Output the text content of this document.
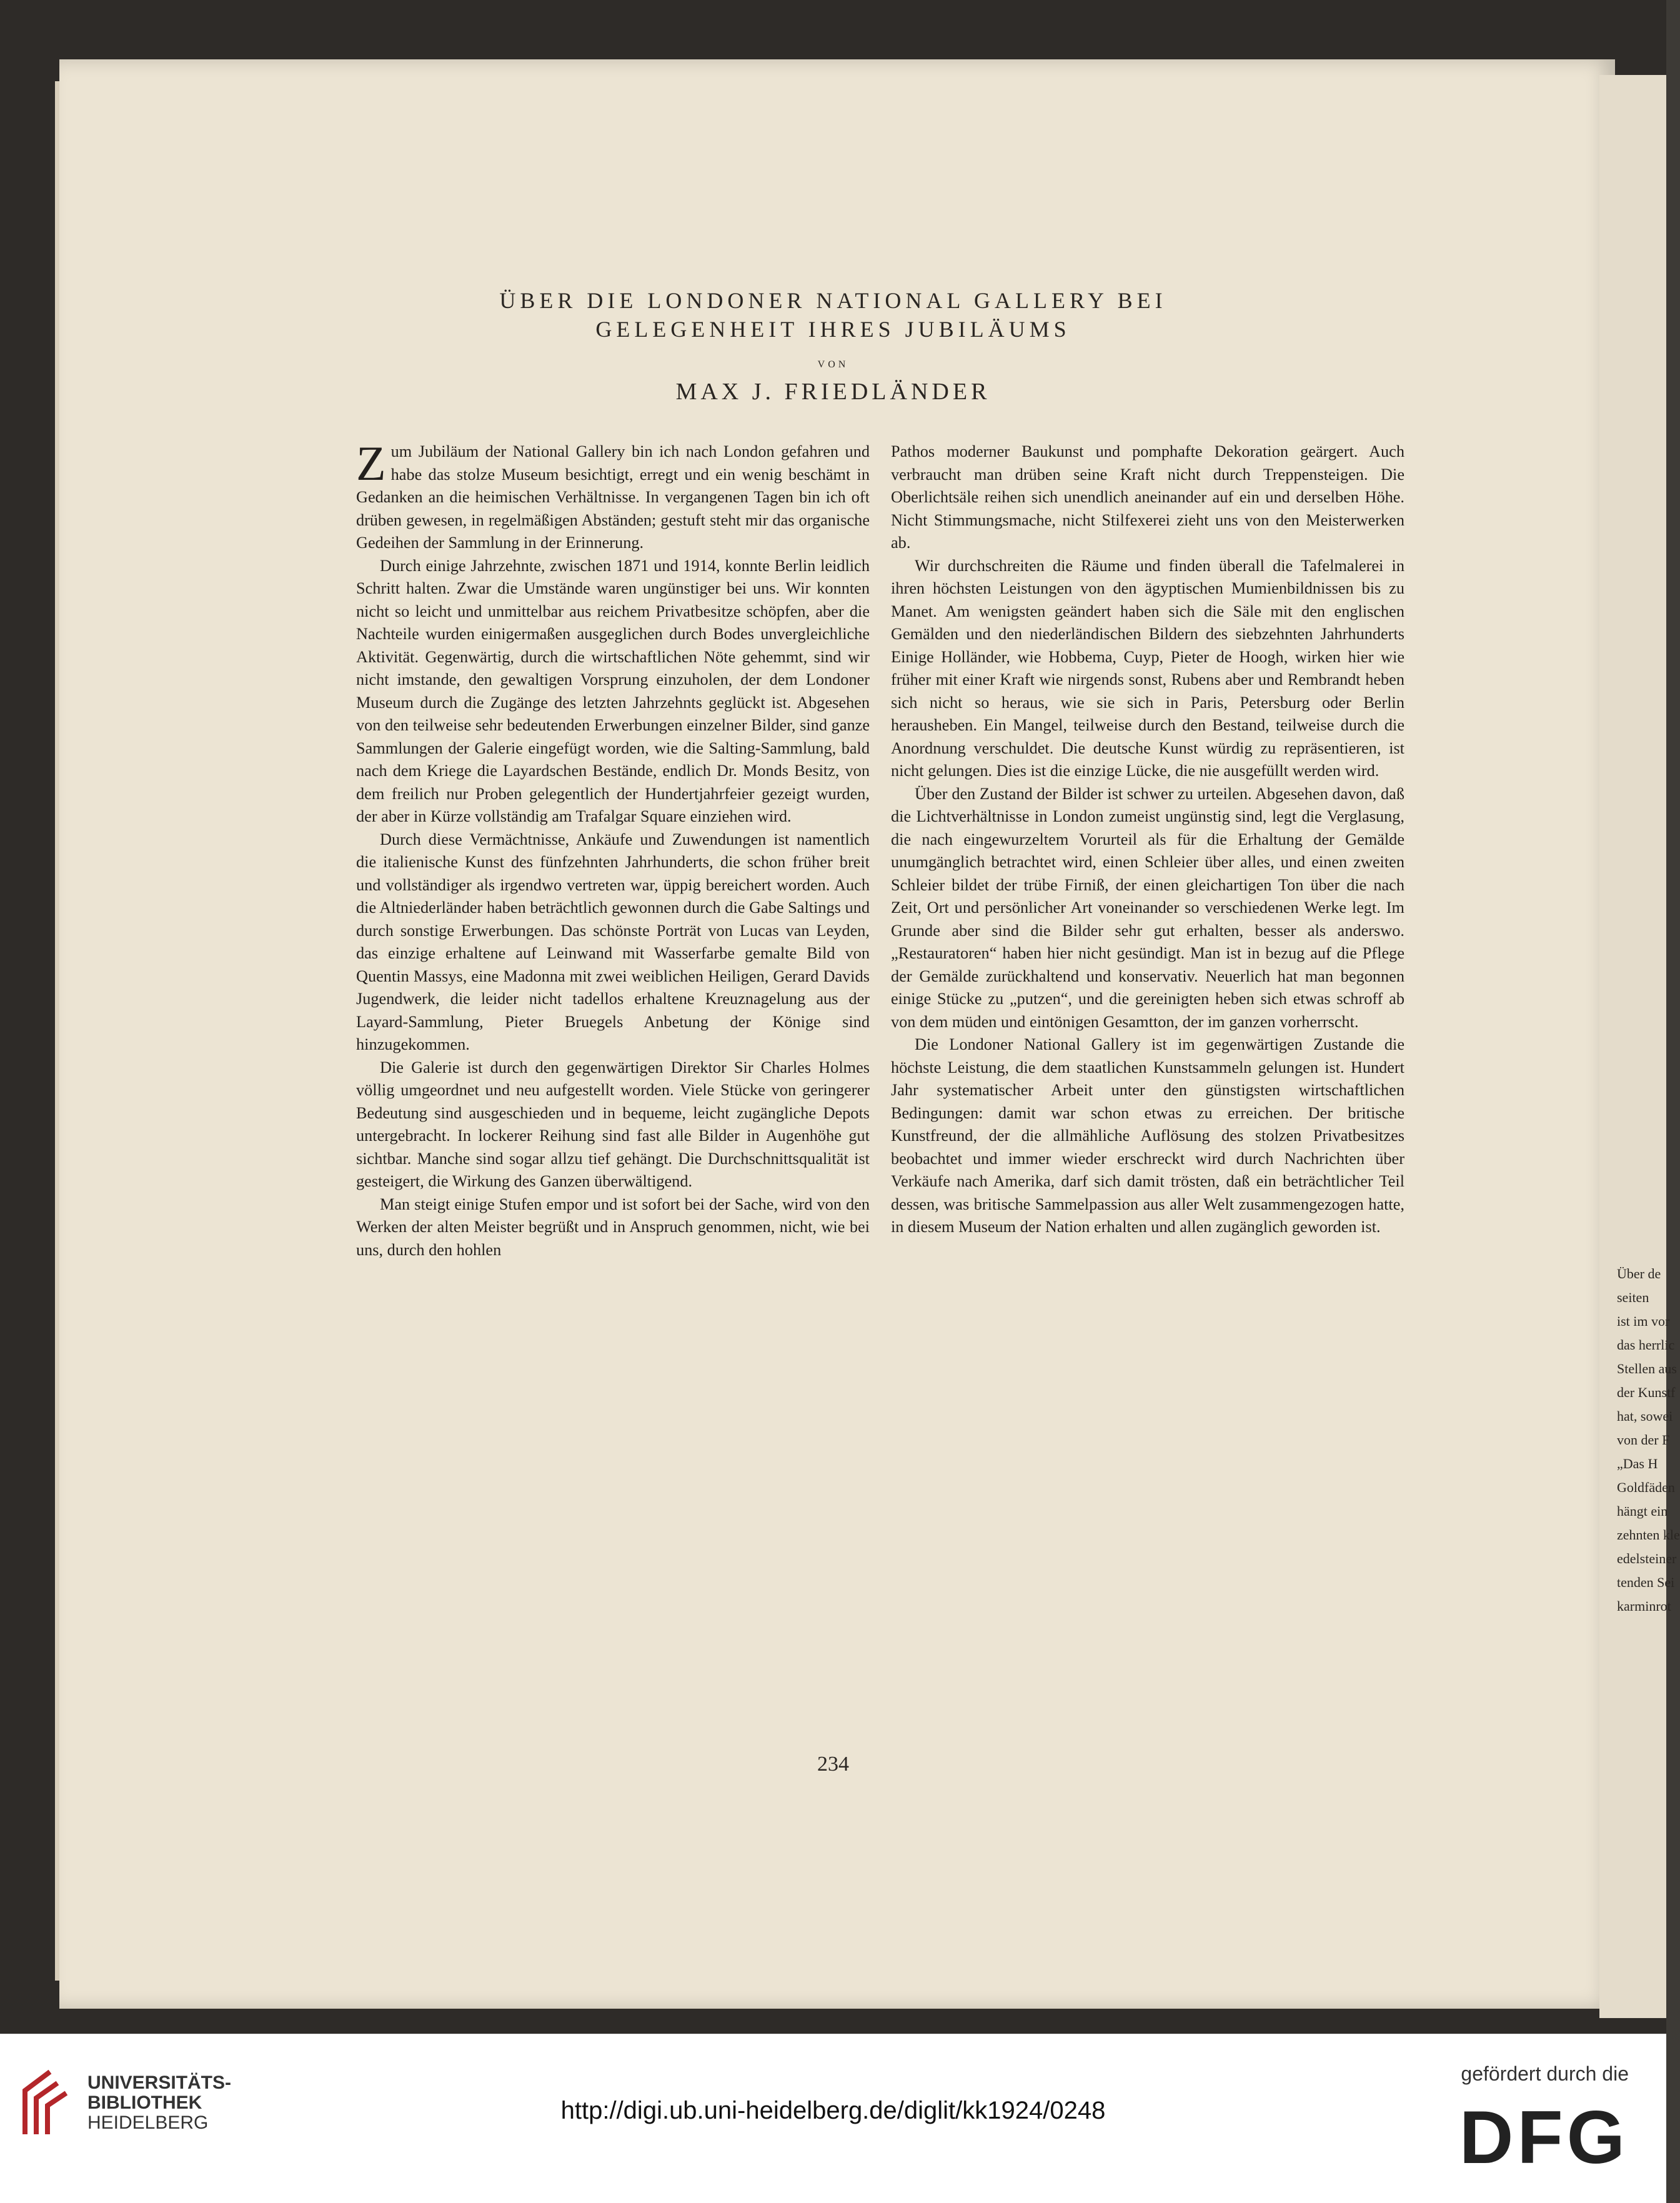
Über de
seiten
ist im vor
das herrlic
Stellen aus
der Kunstf
hat, sowei
von der F
„Das H
Goldfäden
hängt ein
zehnten kle
edelsteiner
tenden Sei
karminrot
ÜBER DIE LONDONER NATIONAL GALLERY BEI
GELEGENHEIT IHRES JUBILÄUMS
VON
MAX J. FRIEDLÄNDER

Zum Jubiläum der National Gallery bin ich nach London gefahren und habe das stolze Museum besichtigt, erregt und ein wenig beschämt in Gedanken an die heimischen Verhältnisse. In vergangenen Tagen bin ich oft drüben gewesen, in regelmäßigen Abständen; gestuft steht mir das organische Gedeihen der Sammlung in der Erinnerung.

Durch einige Jahrzehnte, zwischen 1871 und 1914, konnte Berlin leidlich Schritt halten. Zwar die Umstände waren ungünstiger bei uns. Wir konnten nicht so leicht und unmittelbar aus reichem Privatbesitze schöpfen, aber die Nachteile wurden einigermaßen ausgeglichen durch Bodes unvergleichliche Aktivität. Gegenwärtig, durch die wirtschaftlichen Nöte gehemmt, sind wir nicht imstande, den gewaltigen Vorsprung einzuholen, der dem Londoner Museum durch die Zugänge des letzten Jahrzehnts geglückt ist. Abgesehen von den teilweise sehr bedeutenden Erwerbungen einzelner Bilder, sind ganze Sammlungen der Galerie eingefügt worden, wie die Salting-Sammlung, bald nach dem Kriege die Layardschen Bestände, endlich Dr. Monds Besitz, von dem freilich nur Proben gelegentlich der Hundertjahrfeier gezeigt wurden, der aber in Kürze vollständig am Trafalgar Square einziehen wird.

Durch diese Vermächtnisse, Ankäufe und Zuwendungen ist namentlich die italienische Kunst des fünfzehnten Jahrhunderts, die schon früher breit und vollständiger als irgendwo vertreten war, üppig bereichert worden. Auch die Altniederländer haben beträchtlich gewonnen durch die Gabe Saltings und durch sonstige Erwerbungen. Das schönste Porträt von Lucas van Leyden, das einzige erhaltene auf Leinwand mit Wasserfarbe gemalte Bild von Quentin Massys, eine Madonna mit zwei weiblichen Heiligen, Gerard Davids Jugendwerk, die leider nicht tadellos erhaltene Kreuznagelung aus der Layard-Sammlung, Pieter Bruegels Anbetung der Könige sind hinzugekommen.

Die Galerie ist durch den gegenwärtigen Direktor Sir Charles Holmes völlig umgeordnet und neu aufgestellt worden. Viele Stücke von geringerer Bedeutung sind ausgeschieden und in bequeme, leicht zugängliche Depots untergebracht. In lockerer Reihung sind fast alle Bilder in Augenhöhe gut sichtbar. Manche sind sogar allzu tief gehängt. Die Durchschnittsqualität ist gesteigert, die Wirkung des Ganzen überwältigend.

Man steigt einige Stufen empor und ist sofort bei der Sache, wird von den Werken der alten Meister begrüßt und in Anspruch genommen, nicht, wie bei uns, durch den hohlen

Pathos moderner Baukunst und pomphafte Dekoration geärgert. Auch verbraucht man drüben seine Kraft nicht durch Treppensteigen. Die Oberlichtsäle reihen sich unendlich aneinander auf ein und derselben Höhe. Nicht Stimmungsmache, nicht Stilfexerei zieht uns von den Meisterwerken ab.

Wir durchschreiten die Räume und finden überall die Tafelmalerei in ihren höchsten Leistungen von den ägyptischen Mumienbildnissen bis zu Manet. Am wenigsten geändert haben sich die Säle mit den englischen Gemälden und den niederländischen Bildern des siebzehnten Jahrhunderts Einige Holländer, wie Hobbema, Cuyp, Pieter de Hoogh, wirken hier wie früher mit einer Kraft wie nirgends sonst, Rubens aber und Rembrandt heben sich nicht so heraus, wie sie sich in Paris, Petersburg oder Berlin herausheben. Ein Mangel, teilweise durch den Bestand, teilweise durch die Anordnung verschuldet. Die deutsche Kunst würdig zu repräsentieren, ist nicht gelungen. Dies ist die einzige Lücke, die nie ausgefüllt werden wird.

Über den Zustand der Bilder ist schwer zu urteilen. Abgesehen davon, daß die Lichtverhältnisse in London zumeist ungünstig sind, legt die Verglasung, die nach eingewurzeltem Vorurteil als für die Erhaltung der Gemälde unumgänglich betrachtet wird, einen Schleier über alles, und einen zweiten Schleier bildet der trübe Firniß, der einen gleichartigen Ton über die nach Zeit, Ort und persönlicher Art voneinander so verschiedenen Werke legt. Im Grunde aber sind die Bilder sehr gut erhalten, besser als anderswo. „Restauratoren“ haben hier nicht gesündigt. Man ist in bezug auf die Pflege der Gemälde zurückhaltend und konservativ. Neuerlich hat man begonnen einige Stücke zu „putzen“, und die gereinigten heben sich etwas schroff ab von dem müden und eintönigen Gesamtton, der im ganzen vorherrscht.

Die Londoner National Gallery ist im gegenwärtigen Zustande die höchste Leistung, die dem staatlichen Kunstsammeln gelungen ist. Hundert Jahr systematischer Arbeit unter den günstigsten wirtschaftlichen Bedingungen: damit war schon etwas zu erreichen. Der britische Kunstfreund, der die allmähliche Auflösung des stolzen Privatbesitzes beobachtet und immer wieder erschreckt wird durch Nachrichten über Verkäufe nach Amerika, darf sich damit trösten, daß ein beträchtlicher Teil dessen, was britische Sammelpassion aus aller Welt zusammengezogen hatte, in diesem Museum der Nation erhalten und allen zugänglich geworden ist.

234
UNIVERSITÄTS-
BIBLIOTHEK
HEIDELBERG	http://digi.ub.uni-heidelberg.de/diglit/kk1924/0248
gefördert durch die
DFG
